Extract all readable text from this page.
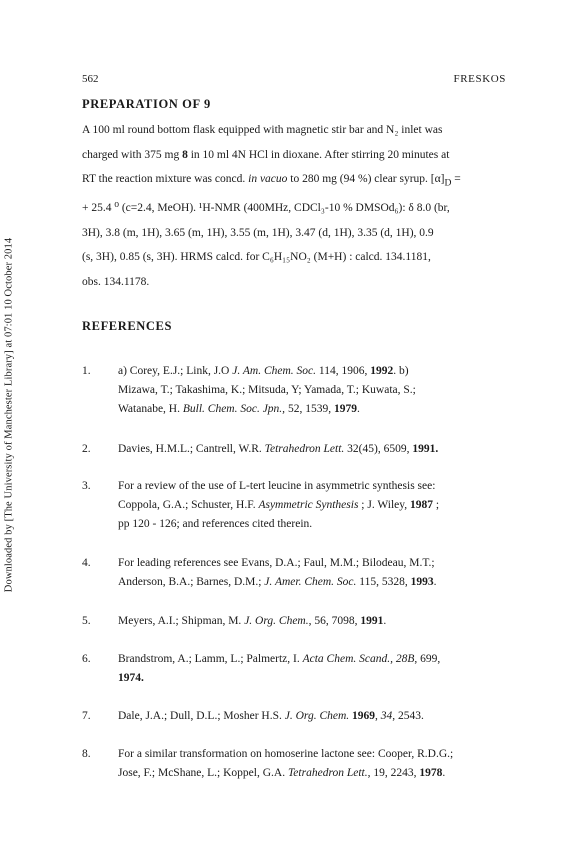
Downloaded by [The University of Manchester Library] at 07:01 10 October 2014
562	FRESKOS
PREPARATION OF 9
A 100 ml round bottom flask equipped with magnetic stir bar and N₂ inlet was
charged with 375 mg 8 in 10 ml 4N HCl in dioxane. After stirring 20 minutes at
RT the reaction mixture was concd. in vacuo to 280 mg (94 %) clear syrup. $[\alpha]_D$ =
+ 25.4 ⁰ (c=2.4, MeOH). ¹H-NMR (400MHz, CDCl₃-10 % DMSOd₆): δ 8.0 (br,
3H), 3.8 (m, 1H), 3.65 (m, 1H), 3.55 (m, 1H), 3.47 (d, 1H), 3.35 (d, 1H), 0.9
(s, 3H), 0.85 (s, 3H). HRMS calcd. for C₆H₁₅NO₂ (M+H) : calcd. 134.1181,
obs. 134.1178.
REFERENCES
1.	a) Corey, E.J.; Link, J.O J. Am. Chem. Soc. 114, 1906, 1992. b)
Mizawa, T.; Takashima, K.; Mitsuda, Y; Yamada, T.; Kuwata, S.;
Watanabe, H. Bull. Chem. Soc. Jpn., 52, 1539, 1979.
2.	Davies, H.M.L.; Cantrell, W.R. Tetrahedron Lett. 32(45), 6509, 1991.
3.	For a review of the use of L-tert leucine in asymmetric synthesis see:
Coppola, G.A.; Schuster, H.F. Asymmetric Synthesis ; J. Wiley, 1987 ;
pp 120 - 126; and references cited therein.
4.	For leading references see Evans, D.A.; Faul, M.M.; Bilodeau, M.T.;
Anderson, B.A.; Barnes, D.M.; J. Amer. Chem. Soc. 115, 5328, 1993.
5.	Meyers, A.I.; Shipman, M. J. Org. Chem., 56, 7098, 1991.
6.	Brandstrom, A.; Lamm, L.; Palmertz, I. Acta Chem. Scand., 28B, 699,
1974.
7.	Dale, J.A.; Dull, D.L.; Mosher H.S. J. Org. Chem. 1969, 34, 2543.
8.	For a similar transformation on homoserine lactone see: Cooper, R.D.G.;
Jose, F.; McShane, L.; Koppel, G.A. Tetrahedron Lett., 19, 2243, 1978.
